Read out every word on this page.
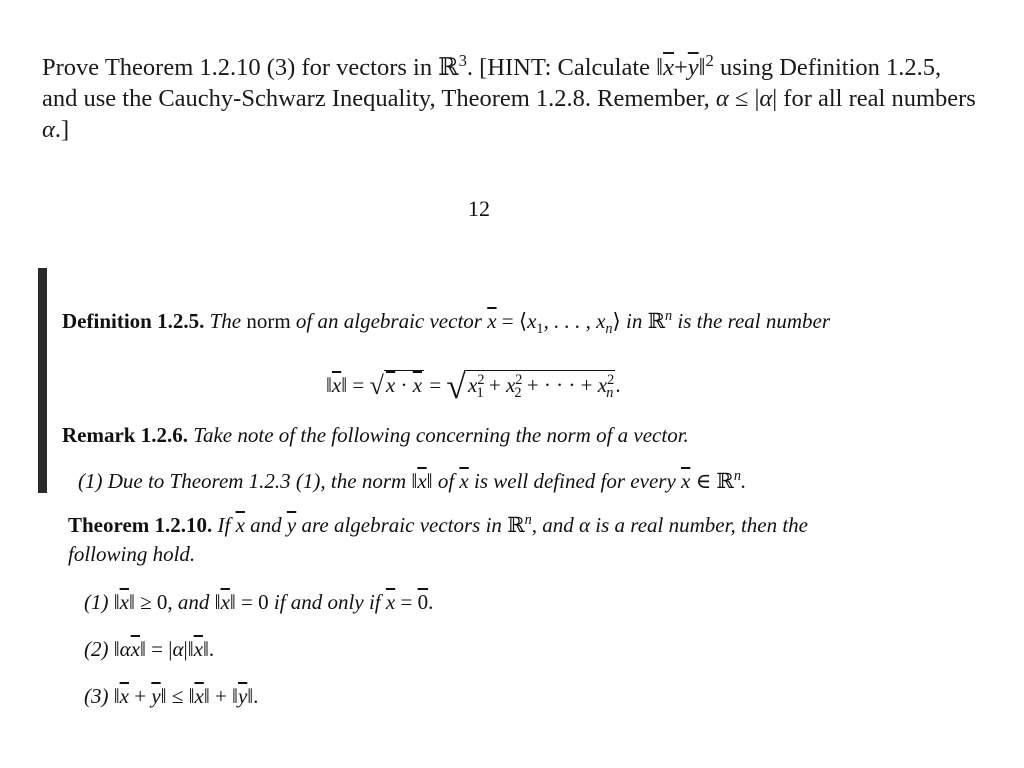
Prove Theorem 1.2.10 (3) for vectors in ℝ$^3$. [HINT: Calculate $‖\overline{x}+\overline{y}‖^2$ using Definition 1.2.5, and use the Cauchy-Schwarz Inequality, Theorem 1.2.8. Remember, α ≤ |α| for all real numbers α.]
12
Definition 1.2.5. The norm of an algebraic vector $\overline{x}$ = $⟨x_1$, . . . , $x_n⟩$ in ℝ$^n$ is the real number
$‖\overline{x}‖ = √x \cdot \overline{x} = √x^2_1 + x^2_2$ + · · · + $x^2_n$.
Remark 1.2.6. Take note of the following concerning the norm of a vector.
(1) Due to Theorem 1.2.3 (1), the norm $‖\overline{x}‖$ of $\overline{x}$ is well defined for every $\overline{x}$ ∈ ℝ$^n$.
Theorem 1.2.10. If $\overline{x}$ and $\overline{y}$ are algebraic vectors in ℝ$^n$, and α is a real number, then the
following hold.
(1) $‖\overline{x}‖ \ge 0$, and $‖\overline{x}‖ = 0$ if and only if $\overline{x} = 0$.
(2) $‖\alpha\overline{x}‖$ = $|\alpha|‖\overline{x}‖$.
(3) $‖\overline{x}$ + $\overline{y}‖$ ≤ $‖\overline{x}‖$ + $‖\overline{y}‖$.
